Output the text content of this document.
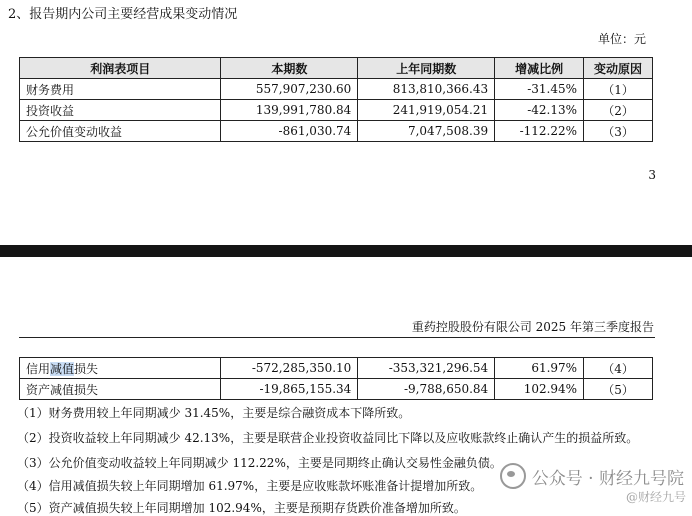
2、报告期内公司主要经营成果变动情况
单位：元
利润表项目	本期数	上年同期数	增减比例	变动原因
财务费用	557,907,230.60	813,810,366.43	-31.45%	（1）
投资收益	139,991,780.84	241,919,054.21	-42.13%	（2）
公允价值变动收益	-861,030.74	7,047,508.39	-112.22%	（3）
3
重药控股股份有限公司 2025 年第三季度报告
信用减值损失	-572,285,350.10	-353,321,296.54	61.97%	（4）
资产减值损失	-19,865,155.34	-9,788,650.84	102.94%	（5）
（1）财务费用较上年同期减少 31.45%，主要是综合融资成本下降所致。
（2）投资收益较上年同期减少 42.13%，主要是联营企业投资收益同比下降以及应收账款终止确认产生的损益所致。
（3）公允价值变动收益较上年同期减少 112.22%，主要是同期终止确认交易性金融负债。
（4）信用减值损失较上年同期增加 61.97%，主要是应收账款坏账准备计提增加所致。
（5）资产减值损失较上年同期增加 102.94%，主要是预期存货跌价准备增加所致。
公众号 · 财经九号院
@财经九号
